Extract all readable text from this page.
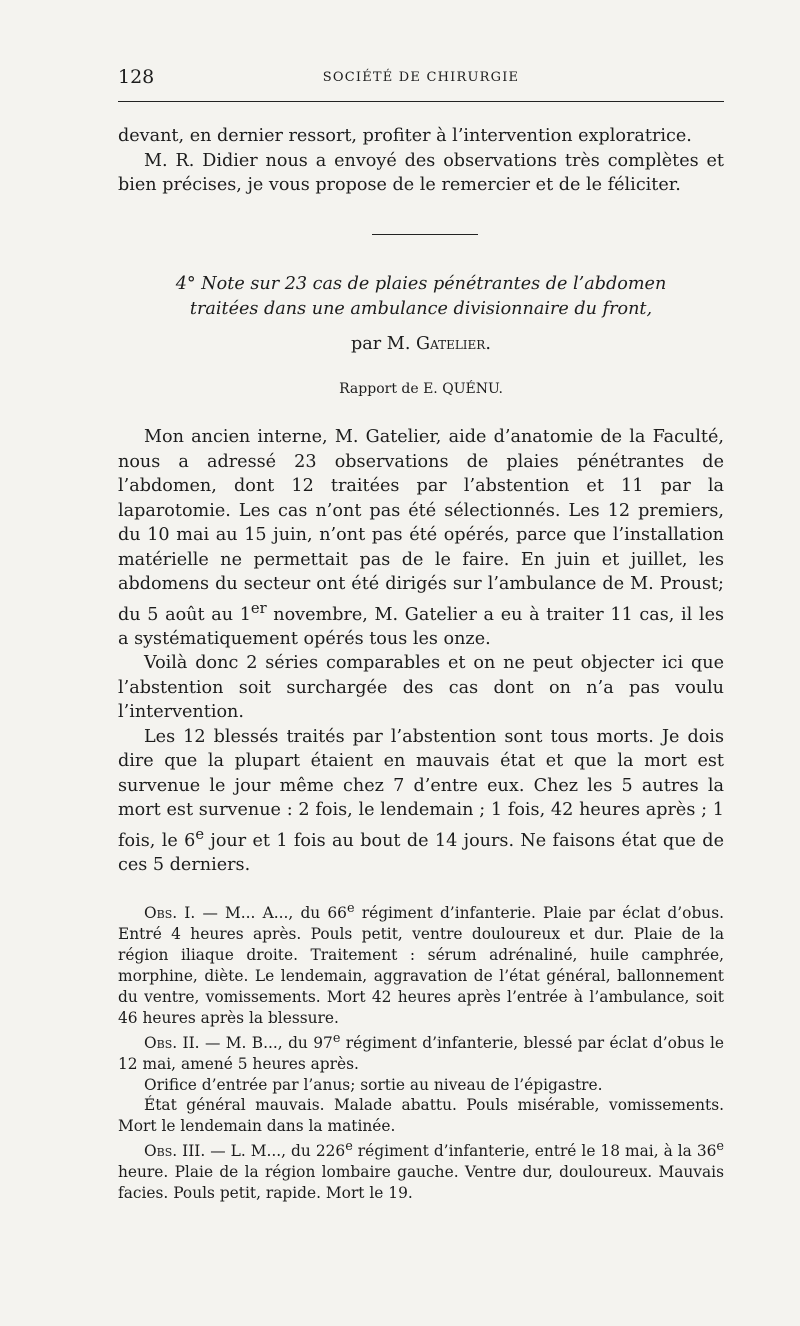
128	SOCIÉTÉ DE CHIRURGIE

devant, en dernier ressort, profiter à l’intervention exploratrice.

M. R. Didier nous a envoyé des observations très complètes et bien précises, je vous propose de le remercier et de le féliciter.

4° Note sur 23 cas de plaies pénétrantes de l’abdomen

traitées dans une ambulance divisionnaire du front,

par M. Gatelier.
Rapport de E. QUÉNU.

Mon ancien interne, M. Gatelier, aide d’anatomie de la Faculté, nous a adressé 23 observations de plaies pénétrantes de l’abdomen, dont 12 traitées par l’abstention et 11 par la laparotomie. Les cas n’ont pas été sélectionnés. Les 12 premiers, du 10 mai au 15 juin, n’ont pas été opérés, parce que l’installation matérielle ne permettait pas de le faire. En juin et juillet, les abdomens du secteur ont été dirigés sur l’ambulance de M. Proust; du 5 août au 1er novembre, M. Gatelier a eu à traiter 11 cas, il les a systématiquement opérés tous les onze.

Voilà donc 2 séries comparables et on ne peut objecter ici que l’abstention soit surchargée des cas dont on n’a pas voulu l’intervention.

Les 12 blessés traités par l’abstention sont tous morts. Je dois dire que la plupart étaient en mauvais état et que la mort est survenue le jour même chez 7 d’entre eux. Chez les 5 autres la mort est survenue : 2 fois, le lendemain ; 1 fois, 42 heures après ; 1 fois, le 6e jour et 1 fois au bout de 14 jours. Ne faisons état que de ces 5 derniers.

Obs. I. — M... A..., du 66e régiment d’infanterie. Plaie par éclat d’obus. Entré 4 heures après. Pouls petit, ventre douloureux et dur. Plaie de la région iliaque droite. Traitement : sérum adrénaliné, huile camphrée, morphine, diète. Le lendemain, aggravation de l’état général, ballonnement du ventre, vomissements. Mort 42 heures après l’entrée à l’ambulance, soit 46 heures après la blessure.

Obs. II. — M. B..., du 97e régiment d’infanterie, blessé par éclat d’obus le 12 mai, amené 5 heures après.

Orifice d’entrée par l’anus; sortie au niveau de l’épigastre.

État général mauvais. Malade abattu. Pouls misérable, vomissements. Mort le lendemain dans la matinée.

Obs. III. — L. M..., du 226e régiment d’infanterie, entré le 18 mai, à la 36e heure. Plaie de la région lombaire gauche. Ventre dur, douloureux. Mauvais facies. Pouls petit, rapide. Mort le 19.
